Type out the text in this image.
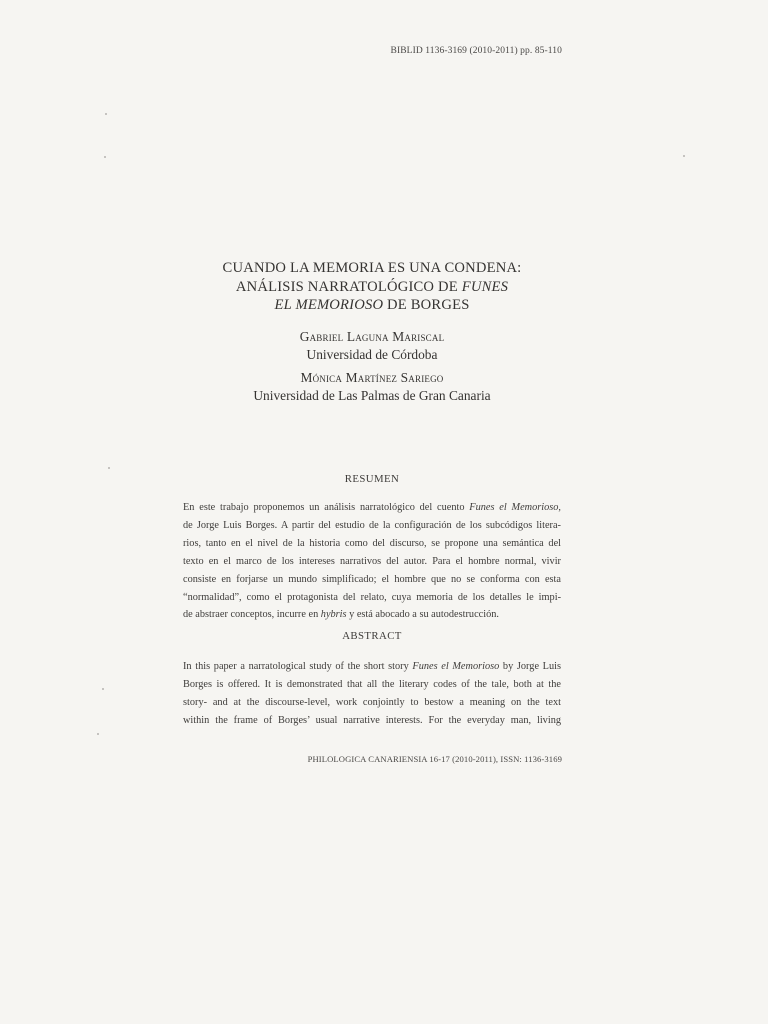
BIBLID 1136-3169 (2010-2011) pp. 85-110
CUANDO LA MEMORIA ES UNA CONDENA:
ANÁLISIS NARRATOLÓGICO DE FUNES
EL MEMORIOSO DE BORGES
Gabriel Laguna Mariscal
Universidad de Córdoba
Mónica Martínez Sariego
Universidad de Las Palmas de Gran Canaria
RESUMEN
En este trabajo proponemos un análisis narratológico del cuento Funes el Memorioso,
de Jorge Luis Borges. A partir del estudio de la configuración de los subcódigos litera-
rios, tanto en el nivel de la historia como del discurso, se propone una semántica del
texto en el marco de los intereses narrativos del autor. Para el hombre normal, vivir
consiste en forjarse un mundo simplificado; el hombre que no se conforma con esta
“normalidad”, como el protagonista del relato, cuya memoria de los detalles le impi-
de abstraer conceptos, incurre en hybris y está abocado a su autodestrucción.
ABSTRACT
In this paper a narratological study of the short story Funes el Memorioso by Jorge Luis
Borges is offered. It is demonstrated that all the literary codes of the tale, both at the
story- and at the discourse-level, work conjointly to bestow a meaning on the text
within the frame of Borges’ usual narrative interests. For the everyday man, living
PHILOLOGICA CANARIENSIA 16-17 (2010-2011), ISSN: 1136-3169
